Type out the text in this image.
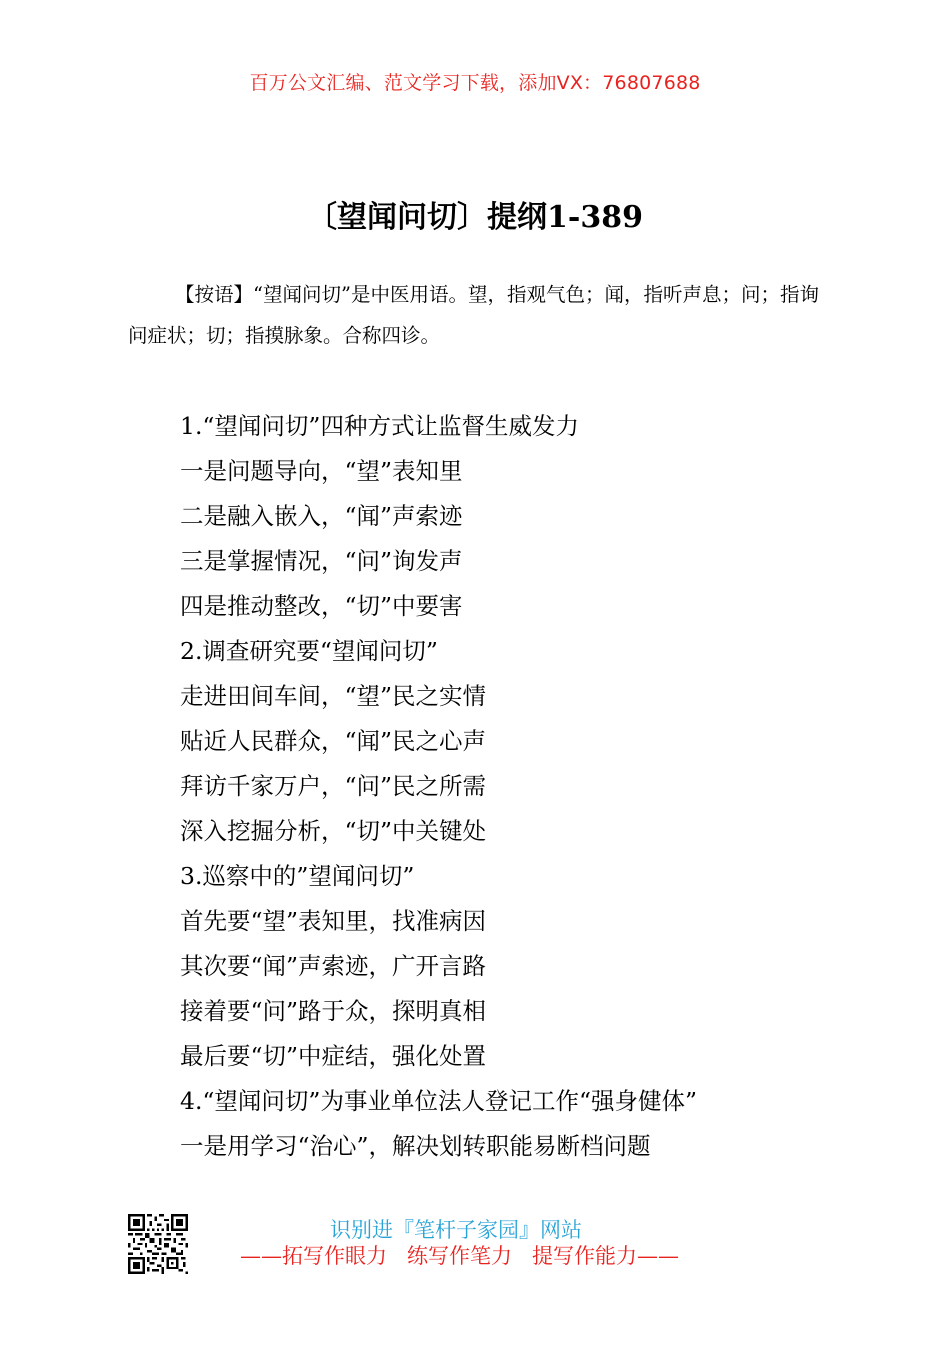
百万公文汇编、范文学习下载，添加VX：76807688
〔望闻问切〕提纲1-389
【按语】“望闻问切”是中医用语。望，指观气色；闻，指听声息；问；指询问症状；切；指摸脉象。合称四诊。
1.“望闻问切”四种方式让监督生威发力
一是问题导向，“望”表知里
二是融入嵌入，“闻”声索迹
三是掌握情况，“问”询发声
四是推动整改，“切”中要害
2.调查研究要“望闻问切”
走进田间车间，“望”民之实情
贴近人民群众，“闻”民之心声
拜访千家万户，“问”民之所需
深入挖掘分析，“切”中关键处
3.巡察中的”望闻问切”
首先要“望”表知里，找准病因
其次要“闻”声索迹，广开言路
接着要“问”路于众，探明真相
最后要“切”中症结，强化处置
4.“望闻问切”为事业单位法人登记工作“强身健体”
一是用学习“治心”，解决划转职能易断档问题
识别进『笔杆子家园』网站
——拓写作眼力   练写作笔力   提写作能力——
